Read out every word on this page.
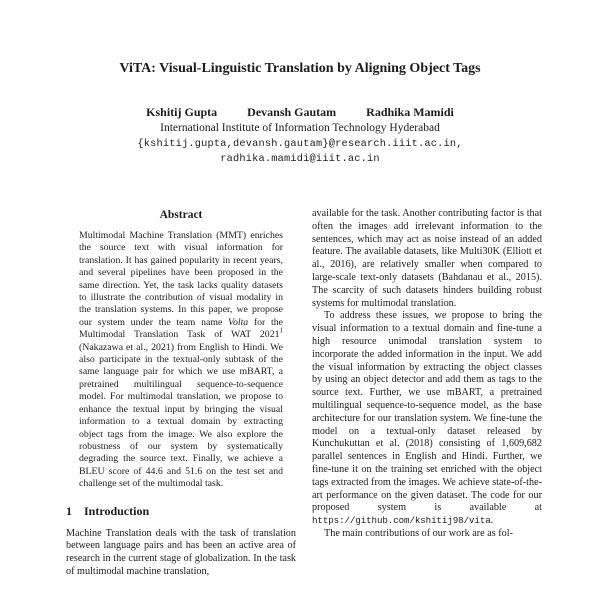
ViTA: Visual-Linguistic Translation by Aligning Object Tags
Kshitij Gupta	Devansh Gautam	Radhika Mamidi
International Institute of Information Technology Hyderabad
{kshitij.gupta,devansh.gautam}@research.iiit.ac.in,
radhika.mamidi@iiit.ac.in
Abstract

Multimodal Machine Translation (MMT) enriches the source text with visual information for translation. It has gained popularity in recent years, and several pipelines have been proposed in the same direction. Yet, the task lacks quality datasets to illustrate the contribution of visual modality in the translation systems. In this paper, we propose our system under the team name Volta for the Multimodal Translation Task of WAT 2021$^1$ (Nakazawa et al., 2021) from English to Hindi. We also participate in the textual-only subtask of the same language pair for which we use mBART, a pretrained multilingual sequence-to-sequence model. For multimodal translation, we propose to enhance the textual input by bringing the visual information to a textual domain by extracting object tags from the image. We also explore the robustness of our system by systematically degrading the source text. Finally, we achieve a BLEU score of 44.6 and 51.6 on the test set and challenge set of the multimodal task.

1 Introduction

Machine Translation deals with the task of translation between language pairs and has been an active area of research in the current stage of globalization. In the task of multimodal machine translation,

available for the task. Another contributing factor is that often the images add irrelevant information to the sentences, which may act as noise instead of an added feature. The available datasets, like Multi30K (Elliott et al., 2016), are relatively smaller when compared to large-scale text-only datasets (Bahdanau et al., 2015). The scarcity of such datasets hinders building robust systems for multimodal translation.

To address these issues, we propose to bring the visual information to a textual domain and fine-tune a high resource unimodal translation system to incorporate the added information in the input. We add the visual information by extracting the object classes by using an object detector and add them as tags to the source text. Further, we use mBART, a pretrained multilingual sequence-to-sequence model, as the base architecture for our translation system. We fine-tune the model on a textual-only dataset released by Kunchukuttan et al. (2018) consisting of 1,609,682 parallel sentences in English and Hindi. Further, we fine-tune it on the training set enriched with the object tags extracted from the images. We achieve state-of-the-art performance on the given dataset. The code for our proposed system is available at https://github.com/kshitij98/vita.

The main contributions of our work are as fol-
